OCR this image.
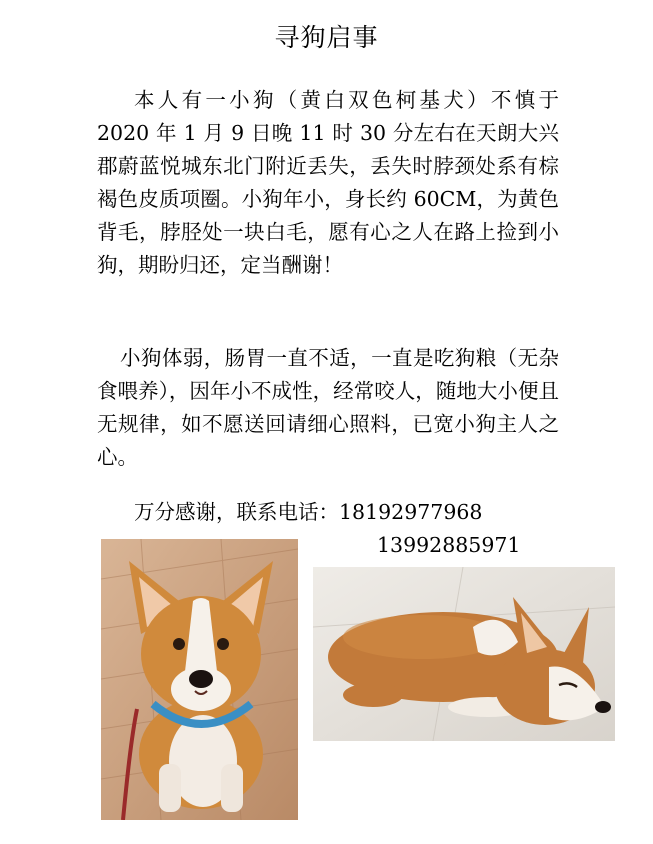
寻狗启事

本人有一小狗（黄白双色柯基犬）不慎于 2020 年 1 月 9 日晚 11 时 30 分左右在天朗大兴郡蔚蓝悦城东北门附近丢失，丢失时脖颈处系有棕褐色皮质项圈。小狗年小，身长约 60CM，为黄色背毛，脖胫处一块白毛，愿有心之人在路上捡到小狗，期盼归还，定当酬谢！

小狗体弱，肠胃一直不适，一直是吃狗粮（无杂食喂养），因年小不成性，经常咬人，随地大小便且无规律，如不愿送回请细心照料，已宽小狗主人之心。

万分感谢，联系电话：18192977968
13992885971
